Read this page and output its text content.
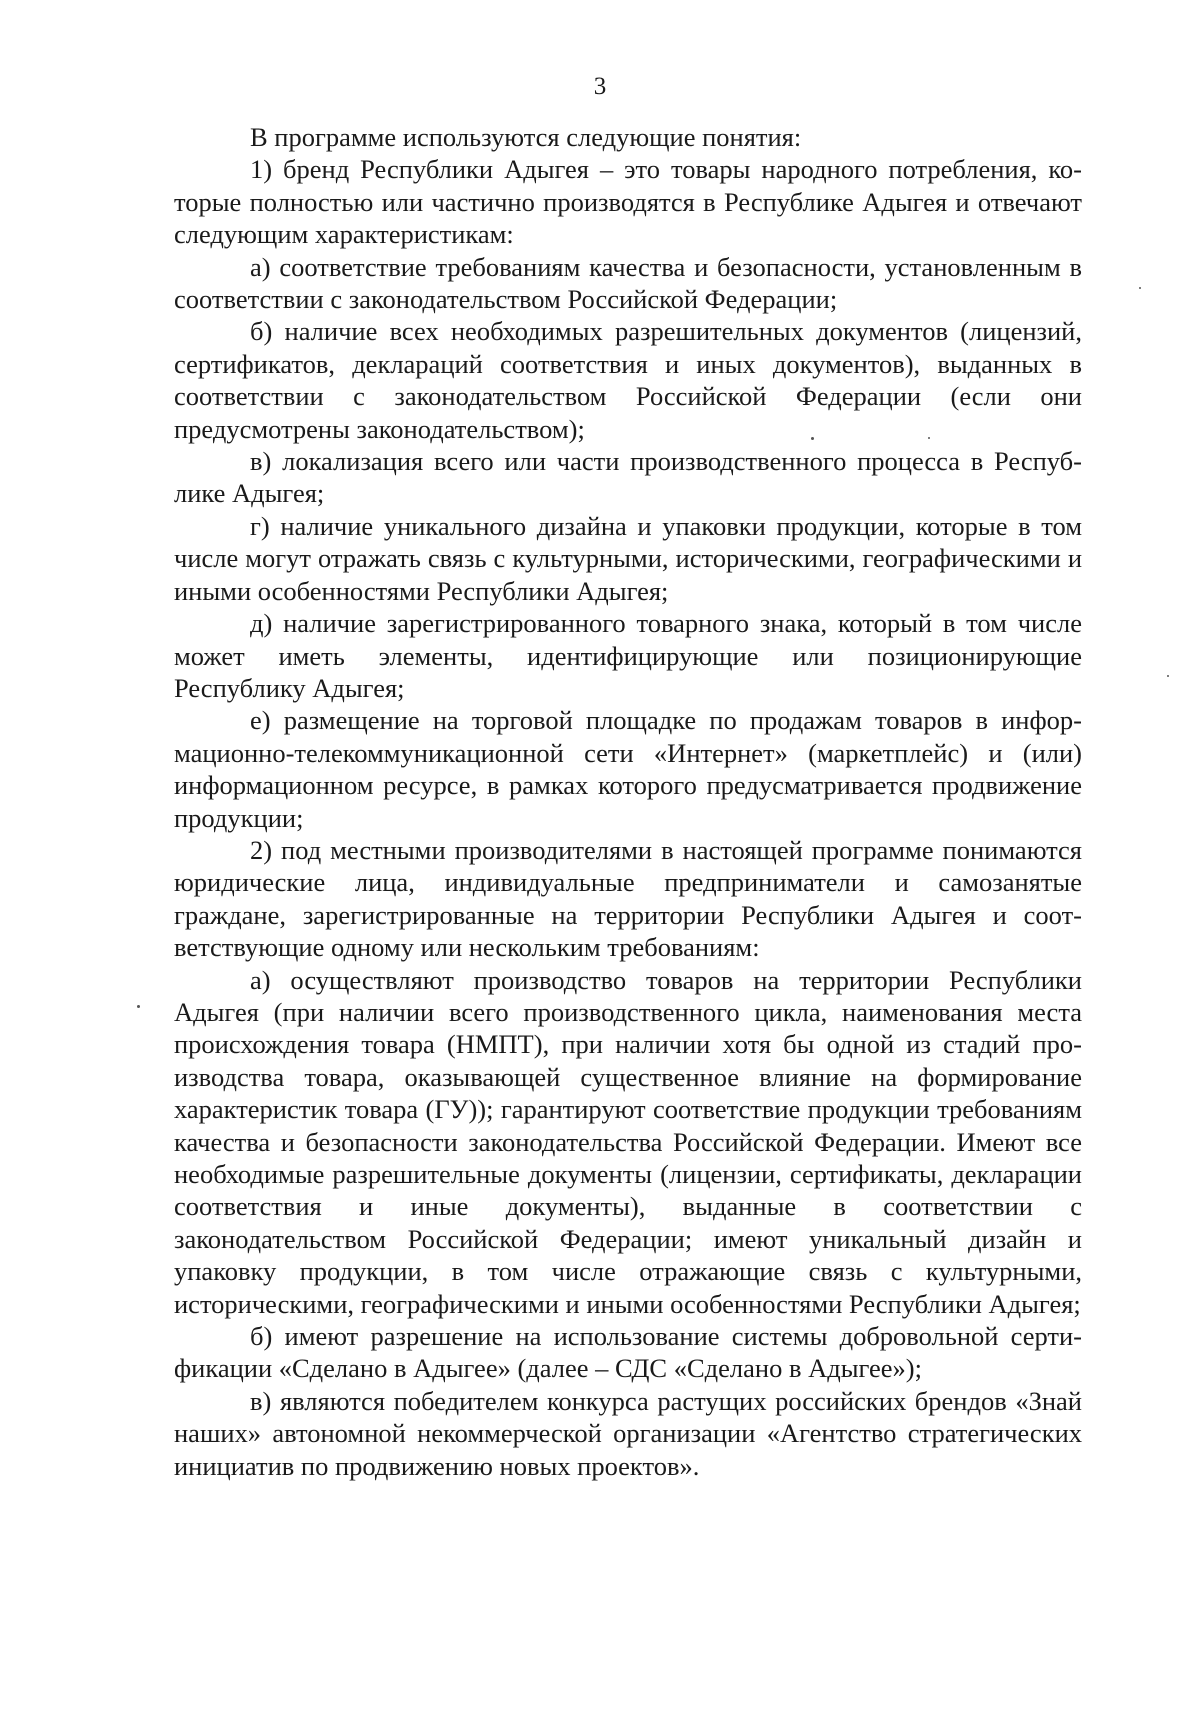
3

В программе используются следующие понятия:

1) бренд Республики Адыгея – это товары народного потребления, которые полностью или частично производятся в Республике Адыгея и отвечают следующим характеристикам:

а) соответствие требованиям качества и безопасности, установленным в соответствии с законодательством Российской Федерации;

б) наличие всех необходимых разрешительных документов (лицензий, сертификатов, деклараций соответствия и иных документов), выданных в соответствии с законодательством Российской Федерации (если они предусмотрены законодательством);

в) локализация всего или части производственного процесса в Республике Адыгея;

г) наличие уникального дизайна и упаковки продукции, которые в том числе могут отражать связь с культурными, историческими, географическими и иными особенностями Республики Адыгея;

д) наличие зарегистрированного товарного знака, который в том числе может иметь элементы, идентифицирующие или позиционирующие Республику Адыгея;

е) размещение на торговой площадке по продажам товаров в информационно-телекоммуникационной сети «Интернет» (маркетплейс) и (или) информационном ресурсе, в рамках которого предусматривается продвижение продукции;

2) под местными производителями в настоящей программе понимаются юридические лица, индивидуальные предприниматели и самозанятые граждане, зарегистрированные на территории Республики Адыгея и соответствующие одному или нескольким требованиям:

а) осуществляют производство товаров на территории Республики Адыгея (при наличии всего производственного цикла, наименования места происхождения товара (НМПТ), при наличии хотя бы одной из стадий производства товара, оказывающей существенное влияние на формирование характеристик товара (ГУ)); гарантируют соответствие продукции требованиям качества и безопасности законодательства Российской Федерации. Имеют все необходимые разрешительные документы (лицензии, сертификаты, декларации соответствия и иные документы), выданные в соответствии с законодательством Российской Федерации; имеют уникальный дизайн и упаковку продукции, в том числе отражающие связь с культурными, историческими, географическими и иными особенностями Республики Адыгея;

б) имеют разрешение на использование системы добровольной сертификации «Сделано в Адыгее» (далее – СДС «Сделано в Адыгее»);

в) являются победителем конкурса растущих российских брендов «Знай наших» автономной некоммерческой организации «Агентство стратегических инициатив по продвижению новых проектов».
